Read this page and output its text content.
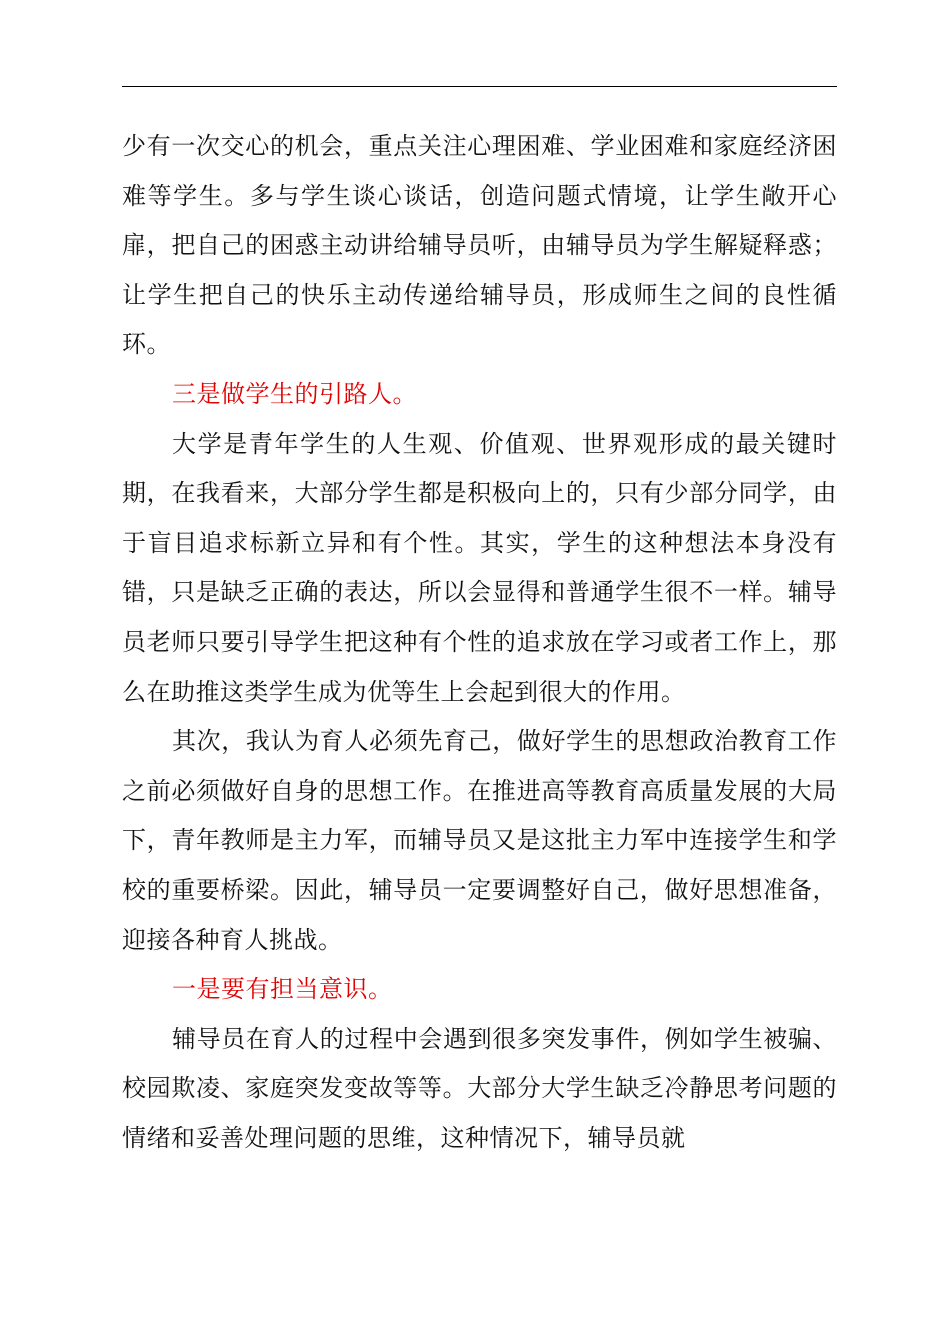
少有一次交心的机会，重点关注心理困难、学业困难和家庭经济困难等学生。多与学生谈心谈话，创造问题式情境，让学生敞开心扉，把自己的困惑主动讲给辅导员听，由辅导员为学生解疑释惑；让学生把自己的快乐主动传递给辅导员，形成师生之间的良性循环。

三是做学生的引路人。

大学是青年学生的人生观、价值观、世界观形成的最关键时期，在我看来，大部分学生都是积极向上的，只有少部分同学，由于盲目追求标新立异和有个性。其实，学生的这种想法本身没有错，只是缺乏正确的表达，所以会显得和普通学生很不一样。辅导员老师只要引导学生把这种有个性的追求放在学习或者工作上，那么在助推这类学生成为优等生上会起到很大的作用。

其次，我认为育人必须先育己，做好学生的思想政治教育工作之前必须做好自身的思想工作。在推进高等教育高质量发展的大局下，青年教师是主力军，而辅导员又是这批主力军中连接学生和学校的重要桥梁。因此，辅导员一定要调整好自己，做好思想准备，迎接各种育人挑战。

一是要有担当意识。

辅导员在育人的过程中会遇到很多突发事件，例如学生被骗、校园欺凌、家庭突发变故等等。大部分大学生缺乏冷静思考问题的情绪和妥善处理问题的思维，这种情况下，辅导员就
